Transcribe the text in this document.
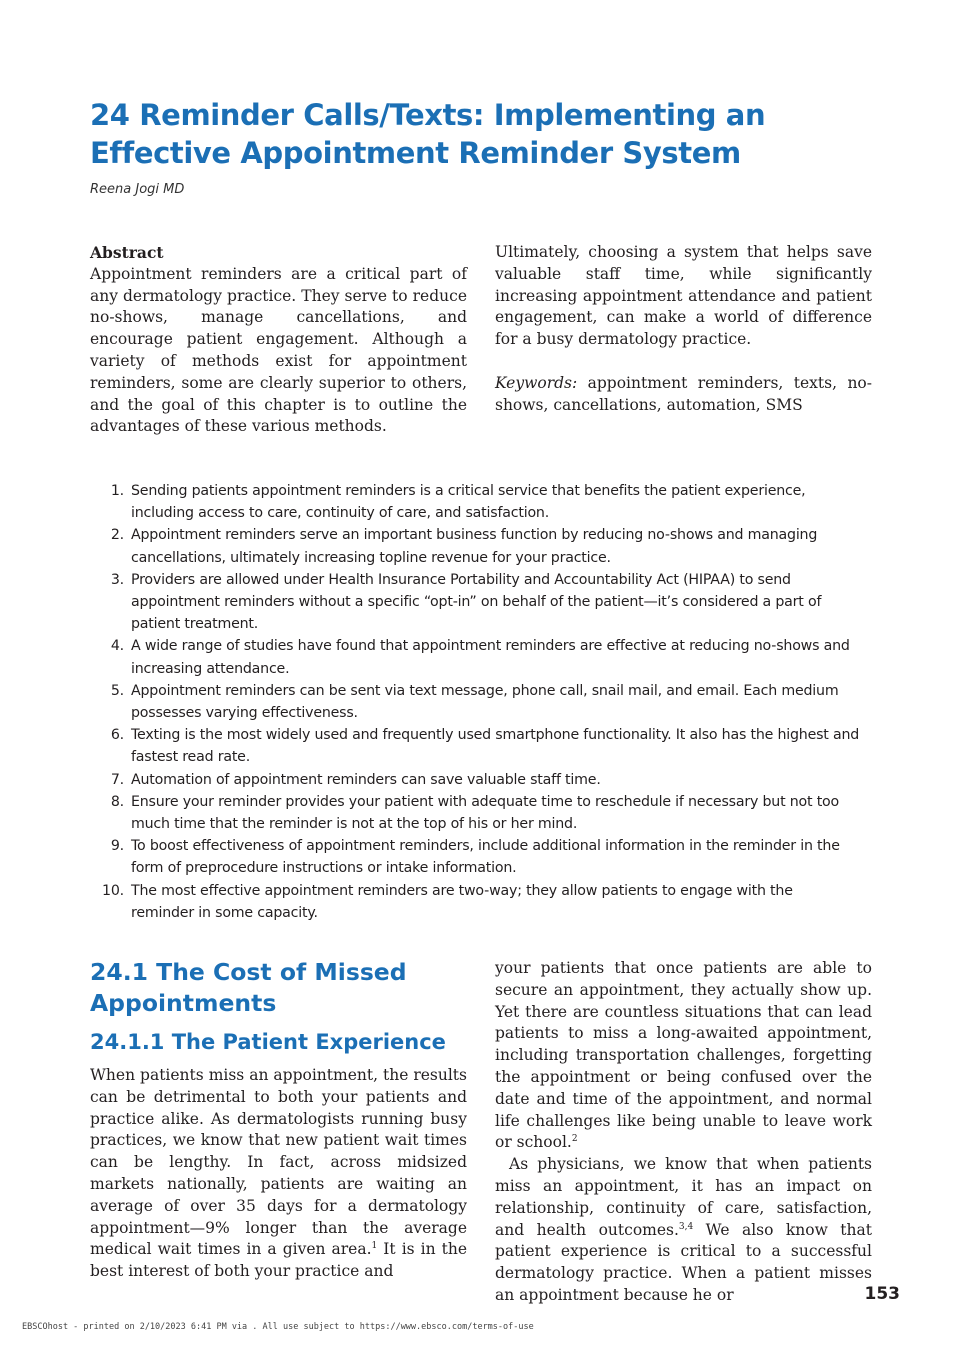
24 Reminder Calls/Texts: Implementing an Effective Appointment Reminder System

Reena Jogi MD

Abstract

Appointment reminders are a critical part of any dermatology practice. They serve to reduce no-shows, manage cancellations, and encourage patient engagement. Although a variety of methods exist for appointment reminders, some are clearly superior to others, and the goal of this chapter is to outline the advantages of these various methods.

Ultimately, choosing a system that helps save valuable staff time, while significantly increasing appointment attendance and patient engagement, can make a world of difference for a busy dermatology practice.

Keywords: appointment reminders, texts, no-shows, cancellations, automation, SMS

1. Sending patients appointment reminders is a critical service that benefits the patient experience, including access to care, continuity of care, and satisfaction.
2. Appointment reminders serve an important business function by reducing no-shows and managing cancellations, ultimately increasing topline revenue for your practice.
3. Providers are allowed under Health Insurance Portability and Accountability Act (HIPAA) to send appointment reminders without a specific “opt-in” on behalf of the patient—it’s considered a part of patient treatment.
4. A wide range of studies have found that appointment reminders are effective at reducing no-shows and increasing attendance.
5. Appointment reminders can be sent via text message, phone call, snail mail, and email. Each medium possesses varying effectiveness.
6. Texting is the most widely used and frequently used smartphone functionality. It also has the highest and fastest read rate.
7. Automation of appointment reminders can save valuable staff time.
8. Ensure your reminder provides your patient with adequate time to reschedule if necessary but not too much time that the reminder is not at the top of his or her mind.
9. To boost effectiveness of appointment reminders, include additional information in the reminder in the form of preprocedure instructions or intake information.
10. The most effective appointment reminders are two-way; they allow patients to engage with the reminder in some capacity.
24.1 The Cost of Missed Appointments
24.1.1 The Patient Experience

When patients miss an appointment, the results can be detrimental to both your patients and practice alike. As dermatologists running busy practices, we know that new patient wait times can be lengthy. In fact, across midsized markets nationally, patients are waiting an average of over 35 days for a dermatology appointment—9% longer than the average medical wait times in a given area.$^1$ It is in the best interest of both your practice and

your patients that once patients are able to secure an appointment, they actually show up. Yet there are countless situations that can lead patients to miss a long-awaited appointment, including transportation challenges, forgetting the appointment or being confused over the date and time of the appointment, and normal life challenges like being unable to leave work or school.$^2$

As physicians, we know that when patients miss an appointment, it has an impact on relationship, continuity of care, satisfaction, and health outcomes.$^{3,4}$ We also know that patient experience is critical to a successful dermatology practice. When a patient misses an appointment because he or	153
EBSCOhost - printed on 2/10/2023 6:41 PM via . All use subject to https://www.ebsco.com/terms-of-use
